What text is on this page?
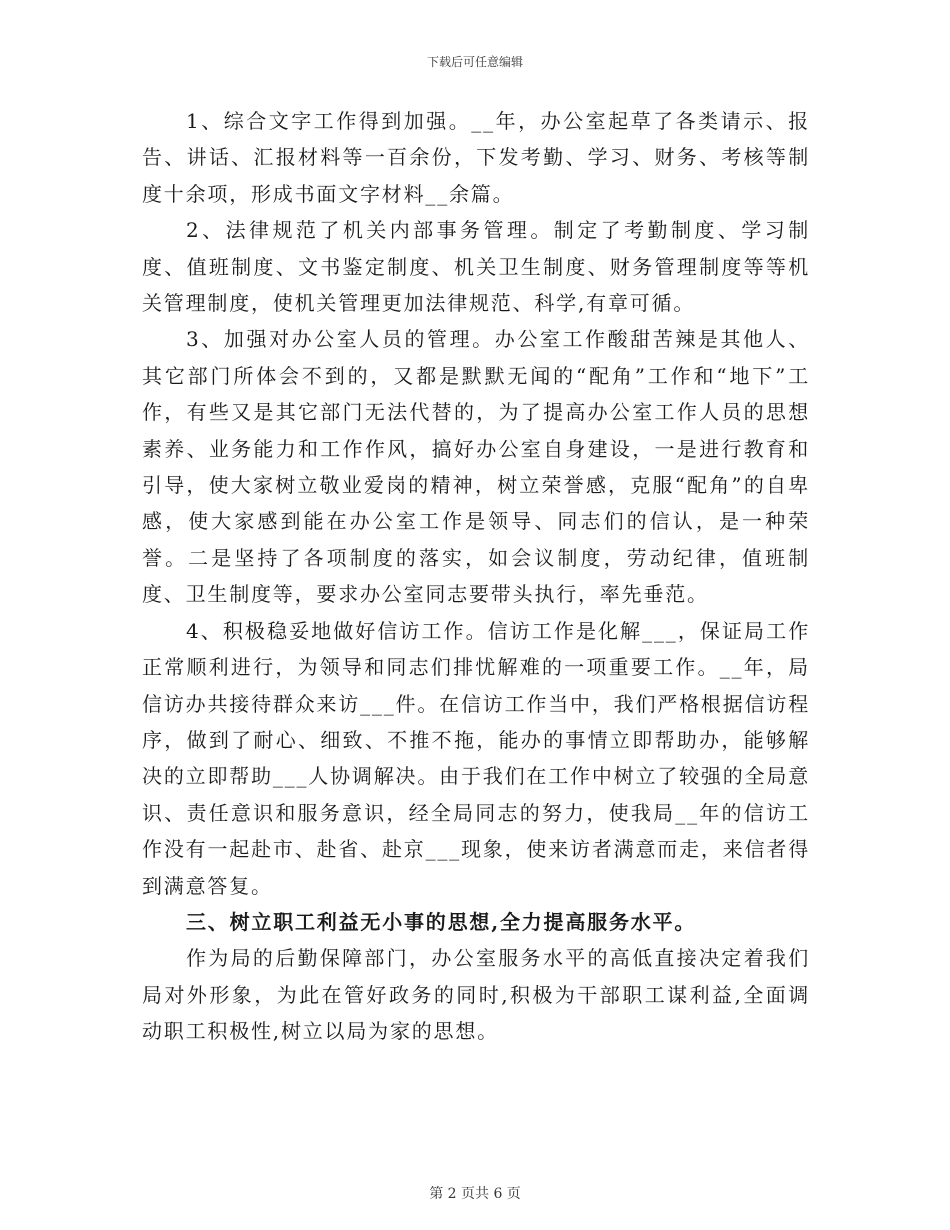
下载后可任意编辑

1、综合文字工作得到加强。__年，办公室起草了各类请示、报告、讲话、汇报材料等一百余份，下发考勤、学习、财务、考核等制度十余项，形成书面文字材料__余篇。

2、法律规范了机关内部事务管理。制定了考勤制度、学习制度、值班制度、文书鉴定制度、机关卫生制度、财务管理制度等等机关管理制度，使机关管理更加法律规范、科学,有章可循。

3、加强对办公室人员的管理。办公室工作酸甜苦辣是其他人、其它部门所体会不到的，又都是默默无闻的“配角”工作和“地下”工作，有些又是其它部门无法代替的，为了提高办公室工作人员的思想素养、业务能力和工作作风，搞好办公室自身建设，一是进行教育和引导，使大家树立敬业爱岗的精神，树立荣誉感，克服“配角”的自卑感，使大家感到能在办公室工作是领导、同志们的信认，是一种荣誉。二是坚持了各项制度的落实，如会议制度，劳动纪律，值班制度、卫生制度等，要求办公室同志要带头执行，率先垂范。

4、积极稳妥地做好信访工作。信访工作是化解___，保证局工作正常顺利进行，为领导和同志们排忧解难的一项重要工作。__年，局信访办共接待群众来访___件。在信访工作当中，我们严格根据信访程序，做到了耐心、细致、不推不拖，能办的事情立即帮助办，能够解决的立即帮助___人协调解决。由于我们在工作中树立了较强的全局意识、责任意识和服务意识，经全局同志的努力，使我局__年的信访工作没有一起赴市、赴省、赴京___现象，使来访者满意而走，来信者得到满意答复。

三、树立职工利益无小事的思想,全力提高服务水平。

作为局的后勤保障部门，办公室服务水平的高低直接决定着我们局对外形象，为此在管好政务的同时,积极为干部职工谋利益,全面调动职工积极性,树立以局为家的思想。

第 2 页共 6 页
